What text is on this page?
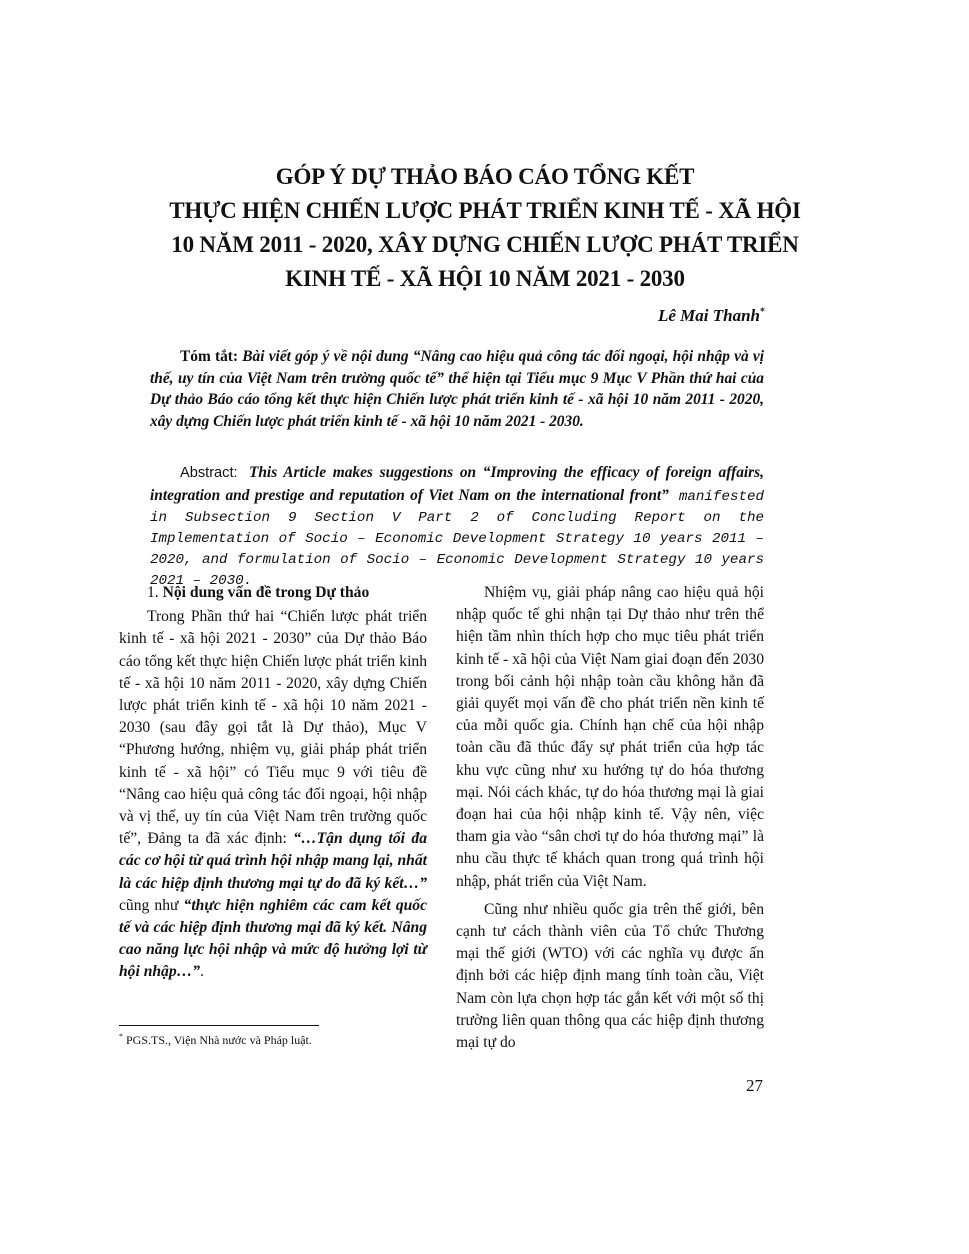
GÓP Ý DỰ THẢO BÁO CÁO TỔNG KẾT
THỰC HIỆN CHIẾN LƯỢC PHÁT TRIỂN KINH TẾ - XÃ HỘI
10 NĂM 2011 - 2020, XÂY DỰNG CHIẾN LƯỢC PHÁT TRIỂN
KINH TẾ - XÃ HỘI 10 NĂM 2021 - 2030
Lê Mai Thanh*
Tóm tắt: Bài viết góp ý về nội dung “Nâng cao hiệu quả công tác đối ngoại, hội nhập và vị thế, uy tín của Việt Nam trên trường quốc tế” thể hiện tại Tiểu mục 9 Mục V Phần thứ hai của Dự thảo Báo cáo tổng kết thực hiện Chiến lược phát triển kinh tế - xã hội 10 năm 2011 - 2020, xây dựng Chiến lược phát triển kinh tế - xã hội 10 năm 2021 - 2030.
Abstract: This Article makes suggestions on “Improving the efficacy of foreign affairs, integration and prestige and reputation of Viet Nam on the international front” manifested in Subsection 9 Section V Part 2 of Concluding Report on the Implementation of Socio – Economic Development Strategy 10 years 2011 – 2020, and formulation of Socio – Economic Development Strategy 10 years 2021 – 2030.
1. Nội dung vấn đề trong Dự thảo

Trong Phần thứ hai “Chiến lược phát triển kinh tế - xã hội 2021 - 2030” của Dự thảo Báo cáo tổng kết thực hiện Chiến lược phát triển kinh tế - xã hội 10 năm 2011 - 2020, xây dựng Chiến lược phát triển kinh tế - xã hội 10 năm 2021 - 2030 (sau đây gọi tắt là Dự thảo), Mục V “Phương hướng, nhiệm vụ, giải pháp phát triển kinh tế - xã hội” có Tiểu mục 9 với tiêu đề “Nâng cao hiệu quả công tác đối ngoại, hội nhập và vị thế, uy tín của Việt Nam trên trường quốc tế”, Đảng ta đã xác định: “…Tận dụng tối đa các cơ hội từ quá trình hội nhập mang lại, nhất là các hiệp định thương mại tự do đã ký kết…” cũng như “thực hiện nghiêm các cam kết quốc tế và các hiệp định thương mại đã ký kết. Nâng cao năng lực hội nhập và mức độ hưởng lợi từ hội nhập…”.

Nhiệm vụ, giải pháp nâng cao hiệu quả hội nhập quốc tế ghi nhận tại Dự thảo như trên thể hiện tầm nhìn thích hợp cho mục tiêu phát triển kinh tế - xã hội của Việt Nam giai đoạn đến 2030 trong bối cảnh hội nhập toàn cầu không hẳn đã giải quyết mọi vấn đề cho phát triển nền kinh tế của mỗi quốc gia. Chính hạn chế của hội nhập toàn cầu đã thúc đẩy sự phát triển của hợp tác khu vực cũng như xu hướng tự do hóa thương mại. Nói cách khác, tự do hóa thương mại là giai đoạn hai của hội nhập kinh tế. Vậy nên, việc tham gia vào “sân chơi tự do hóa thương mại” là nhu cầu thực tế khách quan trong quá trình hội nhập, phát triển của Việt Nam.

Cũng như nhiều quốc gia trên thế giới, bên cạnh tư cách thành viên của Tổ chức Thương mại thế giới (WTO) với các nghĩa vụ được ấn định bởi các hiệp định mang tính toàn cầu, Việt Nam còn lựa chọn hợp tác gắn kết với một số thị trường liên quan thông qua các hiệp định thương mại tự do

* PGS.TS., Viện Nhà nước và Pháp luật.
27
